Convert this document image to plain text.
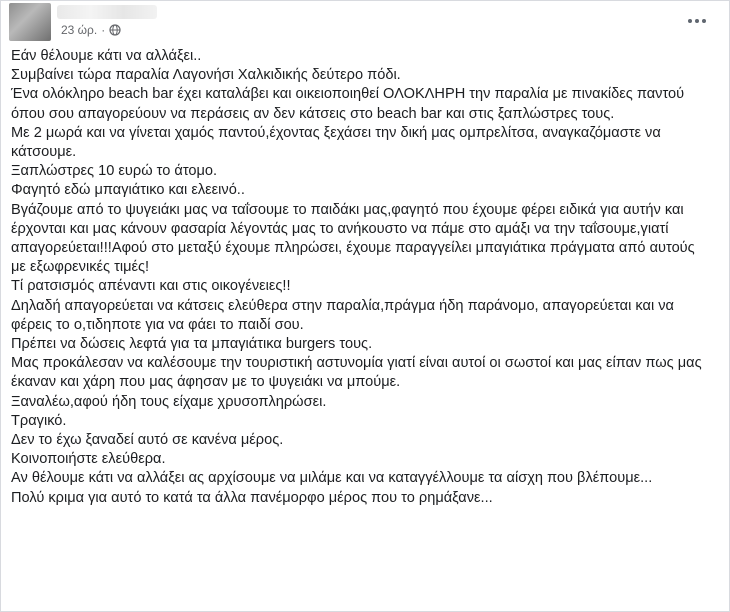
23 ώρ. ·

Εάν θέλουμε κάτι να αλλάξει..

Συμβαίνει τώρα παραλία Λαγονήσι Χαλκιδικής δεύτερο πόδι.

Ένα ολόκληρο beach bar έχει καταλάβει και οικειοποιηθεί ΟΛΟΚΛΗΡΗ την παραλία με πινακίδες παντού όπου σου απαγορεύουν να περάσεις αν δεν κάτσεις στο beach bar και στις ξαπλώστρες τους.

Με 2 μωρά και να γίνεται χαμός παντού,έχοντας ξεχάσει την δική μας ομπρελίτσα, αναγκαζόμαστε να κάτσουμε.

Ξαπλώστρες 10 ευρώ το άτομο.

Φαγητό εδώ μπαγιάτικο και ελεεινό..

Βγάζουμε από το ψυγειάκι μας να ταΐσουμε το παιδάκι μας,φαγητό που έχουμε φέρει ειδικά για αυτήν και έρχονται και μας κάνουν φασαρία λέγοντάς μας το ανήκουστο να πάμε στο αμάξι να την ταΐσουμε,γιατί απαγορεύεται!!!Αφού στο μεταξύ έχουμε πληρώσει, έχουμε παραγγείλει μπαγιάτικα πράγματα από αυτούς με εξωφρενικές τιμές!

Τί ρατσισμός απέναντι και στις οικογένειες!!

Δηλαδή απαγορεύεται να κάτσεις ελεύθερα στην παραλία,πράγμα ήδη παράνομο, απαγορεύεται και να φέρεις το ο,τιδηποτε για να φάει το παιδί σου.

Πρέπει να δώσεις λεφτά για τα μπαγιάτικα burgers τους.

Μας προκάλεσαν να καλέσουμε την τουριστική αστυνομία γιατί είναι αυτοί οι σωστοί και μας είπαν πως μας έκαναν και χάρη που μας άφησαν με το ψυγειάκι να μπούμε.

Ξαναλέω,αφού ήδη τους είχαμε χρυσοπληρώσει.

Τραγικό.

Δεν το έχω ξαναδεί αυτό σε κανένα μέρος.

Κοινοποιήστε ελεύθερα.

Αν θέλουμε κάτι να αλλάξει ας αρχίσουμε να μιλάμε και να καταγγέλλουμε τα αίσχη που βλέπουμε...

Πολύ κριμα για αυτό το κατά τα άλλα πανέμορφο μέρος που το ρημάξανε...
